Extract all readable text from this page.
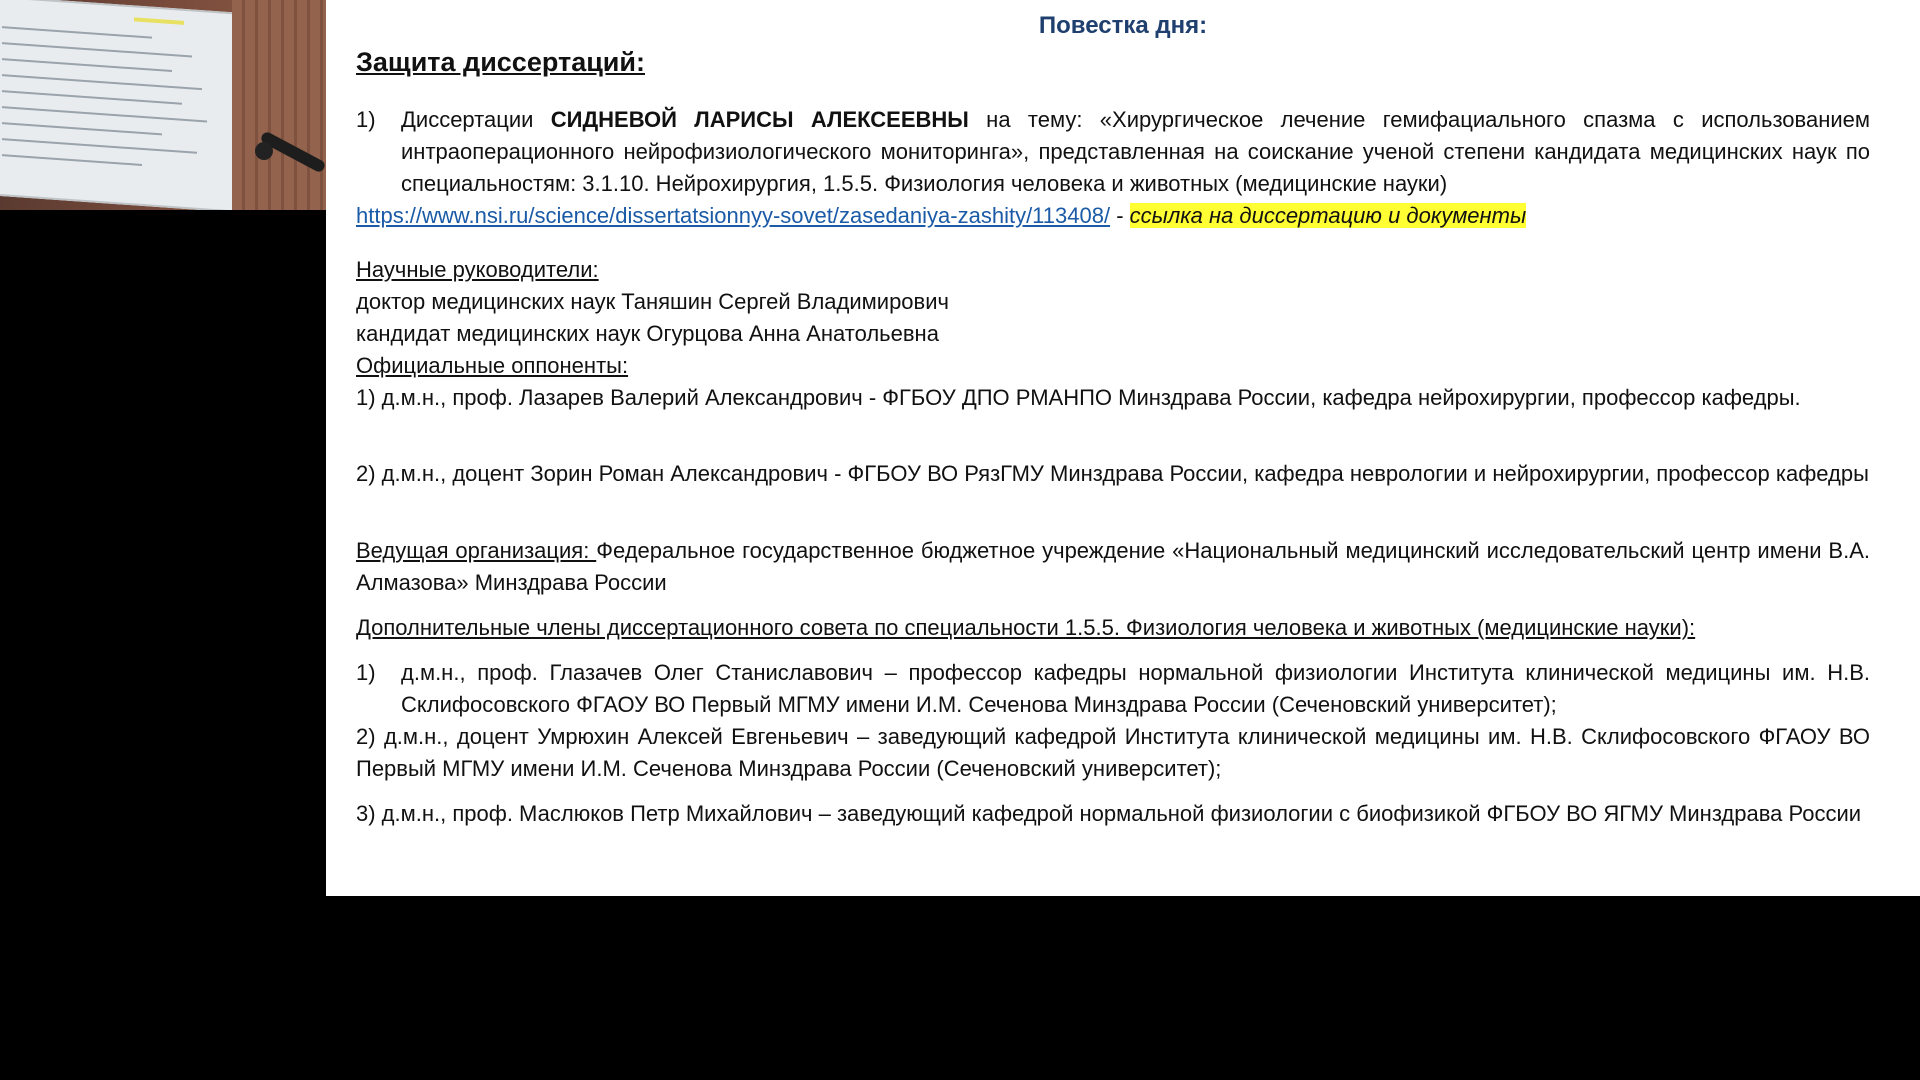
Повестка дня:
Защита диссертаций:
1)	Диссертации СИДНЕВОЙ ЛАРИСЫ АЛЕКСЕЕВНЫ на тему: «Хирургическое лечение гемифациального спазма с использованием интраоперационного нейрофизиологического мониторинга», представленная на соискание ученой степени кандидата медицинских наук по специальностям: 3.1.10. Нейрохирургия, 1.5.5. Физиология человека и животных (медицинские науки)
https://www.nsi.ru/science/dissertatsionnyy-sovet/zasedaniya-zashity/113408/ - ссылка на диссертацию и документы
Научные руководители:
доктор медицинских наук Таняшин Сергей Владимирович
кандидат медицинских наук Огурцова Анна Анатольевна
Официальные оппоненты:
1) д.м.н., проф. Лазарев Валерий Александрович - ФГБОУ ДПО РМАНПО Минздрава России, кафедра нейрохирургии, профессор кафедры.
2) д.м.н., доцент Зорин Роман Александрович - ФГБОУ ВО РязГМУ Минздрава России, кафедра неврологии и нейрохирургии, профессор кафедры
Ведущая организация: Федеральное государственное бюджетное учреждение «Национальный медицинский исследовательский центр имени В.А. Алмазова» Минздрава России
Дополнительные члены диссертационного совета по специальности 1.5.5. Физиология человека и животных (медицинские науки):
1)	д.м.н., проф. Глазачев Олег Станиславович – профессор кафедры нормальной физиологии Института клинической медицины им. Н.В. Склифосовского ФГАОУ ВО Первый МГМУ имени И.М. Сеченова Минздрава России (Сеченовский университет);
2) д.м.н., доцент Умрюхин Алексей Евгеньевич – заведующий кафедрой Института клинической медицины им. Н.В. Склифосовского ФГАОУ ВО Первый МГМУ имени И.М. Сеченова Минздрава России (Сеченовский университет);
3) д.м.н., проф. Маслюков Петр Михайлович – заведующий кафедрой нормальной физиологии с биофизикой ФГБОУ ВО ЯГМУ Минздрава России
